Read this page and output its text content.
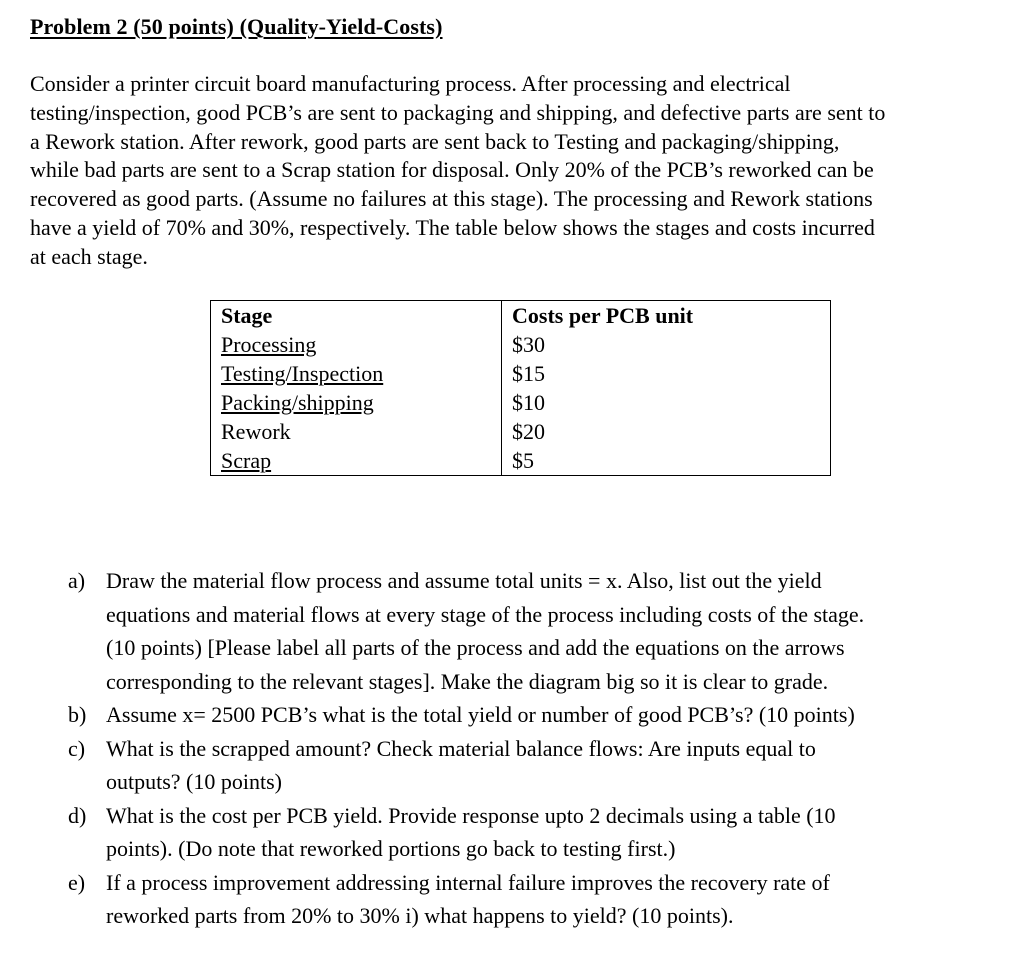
Problem 2 (50 points) (Quality-Yield-Costs)
Consider a printer circuit board manufacturing process. After processing and electrical
testing/inspection, good PCB’s are sent to packaging and shipping, and defective parts are sent to
a Rework station. After rework, good parts are sent back to Testing and packaging/shipping,
while bad parts are sent to a Scrap station for disposal. Only 20% of the PCB’s reworked can be
recovered as good parts. (Assume no failures at this stage). The processing and Rework stations
have a yield of 70% and 30%, respectively. The table below shows the stages and costs incurred
at each stage.
Stage	Costs per PCB unit
Processing	$30
Testing/Inspection	$15
Packing/shipping	$10
Rework	$20
Scrap	$5
a) Draw the material flow process and assume total units = x. Also, list out the yield
equations and material flows at every stage of the process including costs of the stage.
(10 points) [Please label all parts of the process and add the equations on the arrows
corresponding to the relevant stages]. Make the diagram big so it is clear to grade.
b) Assume x= 2500 PCB’s what is the total yield or number of good PCB’s? (10 points)
c) What is the scrapped amount? Check material balance flows: Are inputs equal to
outputs? (10 points)
d) What is the cost per PCB yield. Provide response upto 2 decimals using a table (10
points). (Do note that reworked portions go back to testing first.)
e) If a process improvement addressing internal failure improves the recovery rate of
reworked parts from 20% to 30% i) what happens to yield? (10 points).
